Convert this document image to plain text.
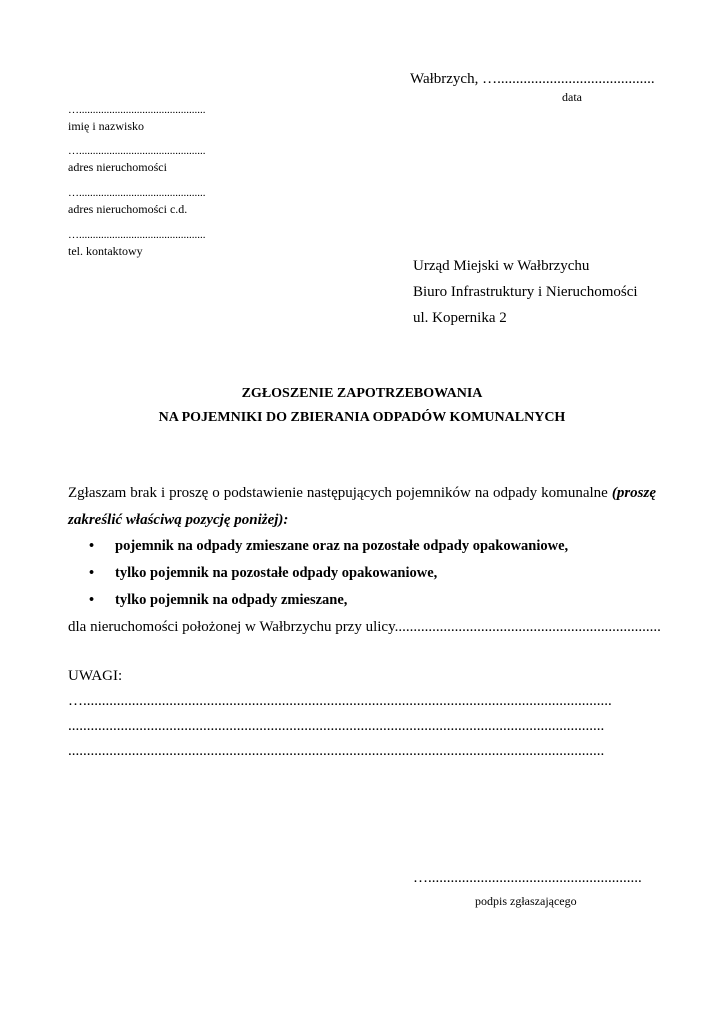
Wałbrzych, …..........................................
data
…..............................................
imię i nazwisko
…..............................................
adres nieruchomości
…..............................................
adres nieruchomości c.d.
…..............................................
tel. kontaktowy
Urząd Miejski w Wałbrzychu
Biuro Infrastruktury i Nieruchomości
ul. Kopernika 2
ZGŁOSZENIE ZAPOTRZEBOWANIA
NA POJEMNIKI DO ZBIERANIA ODPADÓW KOMUNALNYCH
Zgłaszam brak i proszę o podstawienie następujących pojemników na odpady komunalne (proszę
zakreślić właściwą pozycję poniżej):
• pojemnik na odpady zmieszane oraz na pozostałe odpady opakowaniowe,
• tylko pojemnik na pozostałe odpady opakowaniowe,
• tylko pojemnik na odpady zmieszane,
dla nieruchomości położonej w Wałbrzychu przy ulicy.......................................................................
UWAGI:
….............................................................................................................................................
...............................................................................................................................................
...............................................................................................................................................
….........................................................
podpis zgłaszającego
